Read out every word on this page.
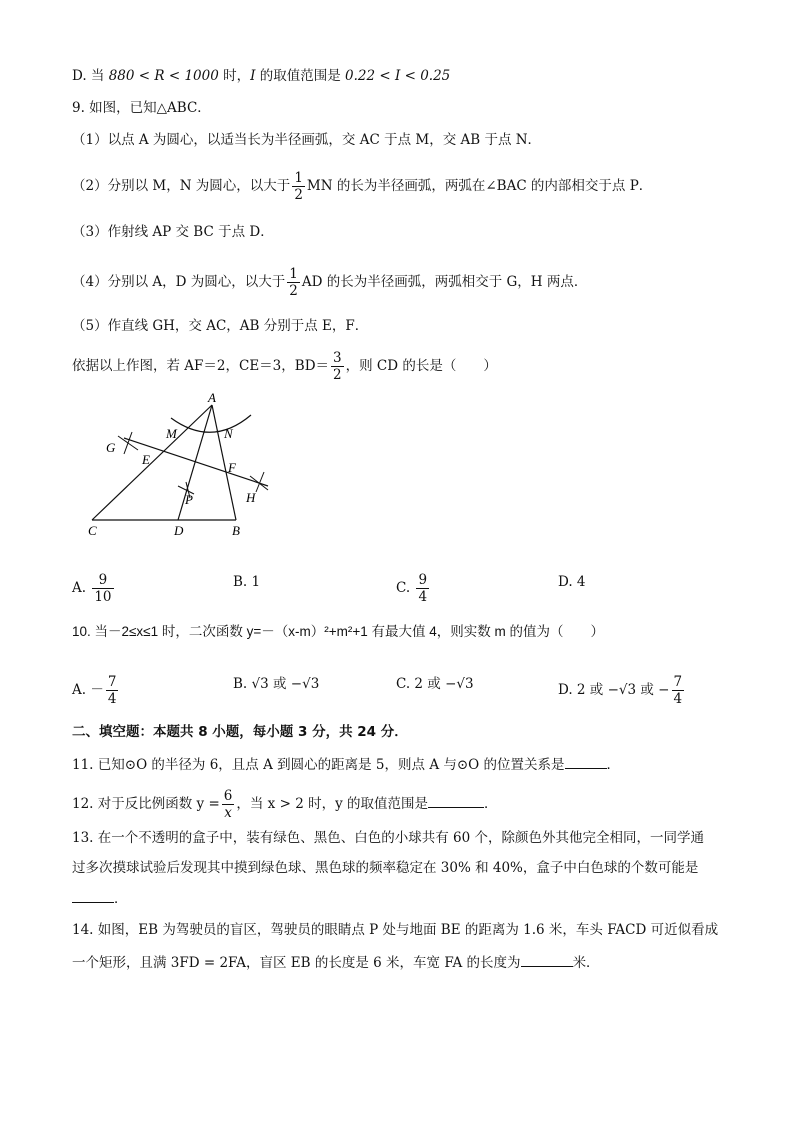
D. 当 880 < R < 1000 时，I 的取值范围是 0.22 < I < 0.25
9. 如图，已知△ABC．
（1）以点 A 为圆心，以适当长为半径画弧，交 AC 于点 M，交 AB 于点 N．
（2）分别以 M，N 为圆心，以大于 $\frac{1}{2}$ MN 的长为半径画弧，两弧在∠BAC 的内部相交于点 P．
（3）作射线 AP 交 BC 于点 D．
（4）分别以 A，D 为圆心，以大于 $\frac{1}{2}$ AD 的长为半径画弧，两弧相交于 G，H 两点．
（5）作直线 GH，交 AC，AB 分别于点 E，F．
依据以上作图，若 AF＝2，CE＝3，$BD= \frac{3}{2}$ ，则 CD 的长是（　　）
A
M	N
G
E
F
P	H
C	D	B
A. $\frac{9}{10}$	B. 1	C. $\frac{9}{4}$	D. 4
10. 当－2≤x≤1 时，二次函数 y=－（x-m）²+m²+1 有最大值 4，则实数 m 的值为（　　）
A. － $\frac{7}{4}$	B. √3 或 −√3	C. 2 或 −√3	D. 2 或 −√3 或 − $\frac{7}{4}$
二、填空题：本题共 8 小题，每小题 3 分，共 24 分．
11. 已知⊙O 的半径为 6，且点 A 到圆心的距离是 5，则点 A 与⊙O 的位置关系是	．
12. 对于反比例函数 $y = \frac{6}{x}$ ，当 x > 2 时，y 的取值范围是	．
13. 在一个不透明的盒子中，装有绿色、黑色、白色的小球共有 60 个，除颜色外其他完全相同，一同学通
过多次摸球试验后发现其中摸到绿色球、黑色球的频率稳定在 30% 和 40%，盒子中白色球的个数可能是
．
14. 如图，EB 为驾驶员的盲区，驾驶员的眼睛点 P 处与地面 BE 的距离为 1.6 米，车头 FACD 可近似看成
一个矩形，且满 3FD = 2FA，盲区 EB 的长度是 6 米，车宽 FA 的长度为	米．
